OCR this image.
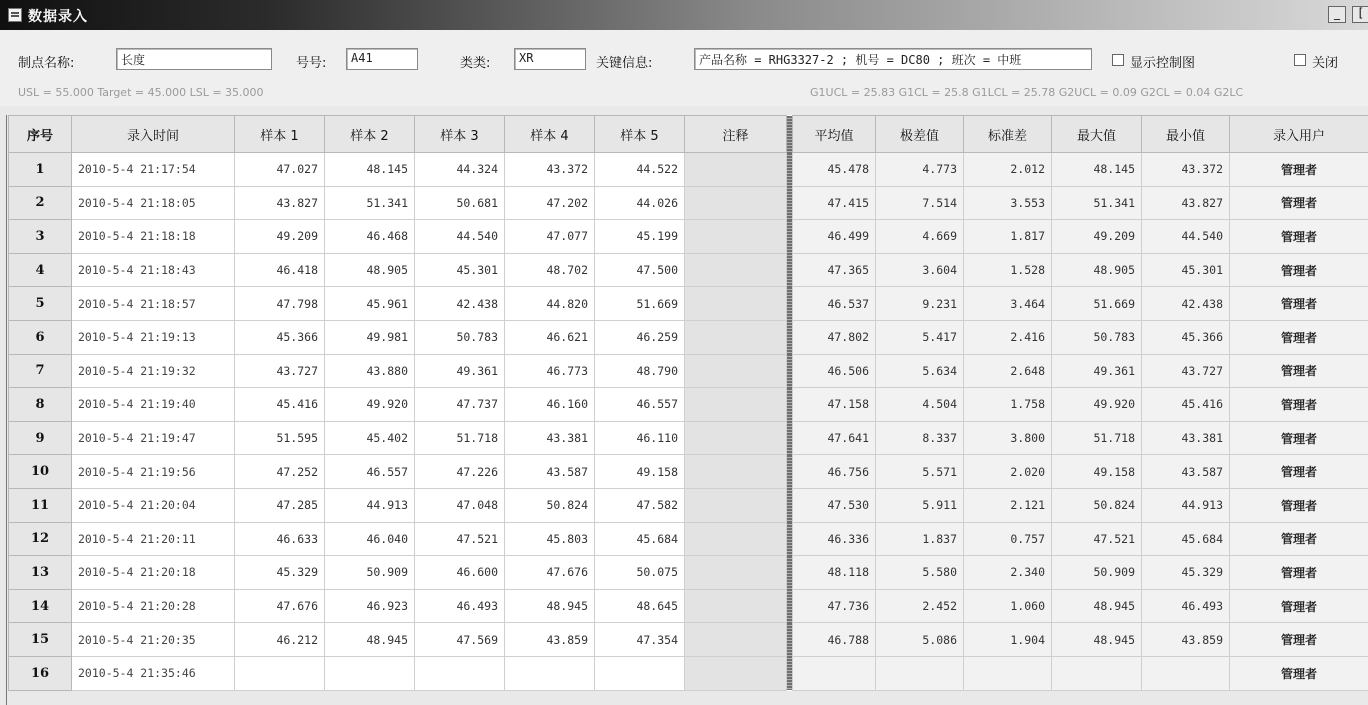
数据录入	_	[
制点名称:	长度	号号:	A41	类类:	XR	关键信息:	产品名称 = RHG3327-2 ; 机号 = DC80 ; 班次 = 中班	显示控制图	关闭
USL = 55.000 Target = 45.000 LSL = 35.000	G1UCL = 25.83 G1CL = 25.8 G1LCL = 25.78 G2UCL = 0.09 G2CL = 0.04 G2LC
序号	录入时间	样本 1	样本 2	样本 3	样本 4	样本 5	注释		平均值	极差值	标准差	最大值	最小值	录入用户
1	2010-5-4 21:17:54	47.027	48.145	44.324	43.372	44.522			45.478	4.773	2.012	48.145	43.372	管理者
2	2010-5-4 21:18:05	43.827	51.341	50.681	47.202	44.026			47.415	7.514	3.553	51.341	43.827	管理者
3	2010-5-4 21:18:18	49.209	46.468	44.540	47.077	45.199			46.499	4.669	1.817	49.209	44.540	管理者
4	2010-5-4 21:18:43	46.418	48.905	45.301	48.702	47.500			47.365	3.604	1.528	48.905	45.301	管理者
5	2010-5-4 21:18:57	47.798	45.961	42.438	44.820	51.669			46.537	9.231	3.464	51.669	42.438	管理者
6	2010-5-4 21:19:13	45.366	49.981	50.783	46.621	46.259			47.802	5.417	2.416	50.783	45.366	管理者
7	2010-5-4 21:19:32	43.727	43.880	49.361	46.773	48.790			46.506	5.634	2.648	49.361	43.727	管理者
8	2010-5-4 21:19:40	45.416	49.920	47.737	46.160	46.557			47.158	4.504	1.758	49.920	45.416	管理者
9	2010-5-4 21:19:47	51.595	45.402	51.718	43.381	46.110			47.641	8.337	3.800	51.718	43.381	管理者
10	2010-5-4 21:19:56	47.252	46.557	47.226	43.587	49.158			46.756	5.571	2.020	49.158	43.587	管理者
11	2010-5-4 21:20:04	47.285	44.913	47.048	50.824	47.582			47.530	5.911	2.121	50.824	44.913	管理者
12	2010-5-4 21:20:11	46.633	46.040	47.521	45.803	45.684			46.336	1.837	0.757	47.521	45.684	管理者
13	2010-5-4 21:20:18	45.329	50.909	46.600	47.676	50.075			48.118	5.580	2.340	50.909	45.329	管理者
14	2010-5-4 21:20:28	47.676	46.923	46.493	48.945	48.645			47.736	2.452	1.060	48.945	46.493	管理者
15	2010-5-4 21:20:35	46.212	48.945	47.569	43.859	47.354			46.788	5.086	1.904	48.945	43.859	管理者
16	2010-5-4 21:35:46													管理者
